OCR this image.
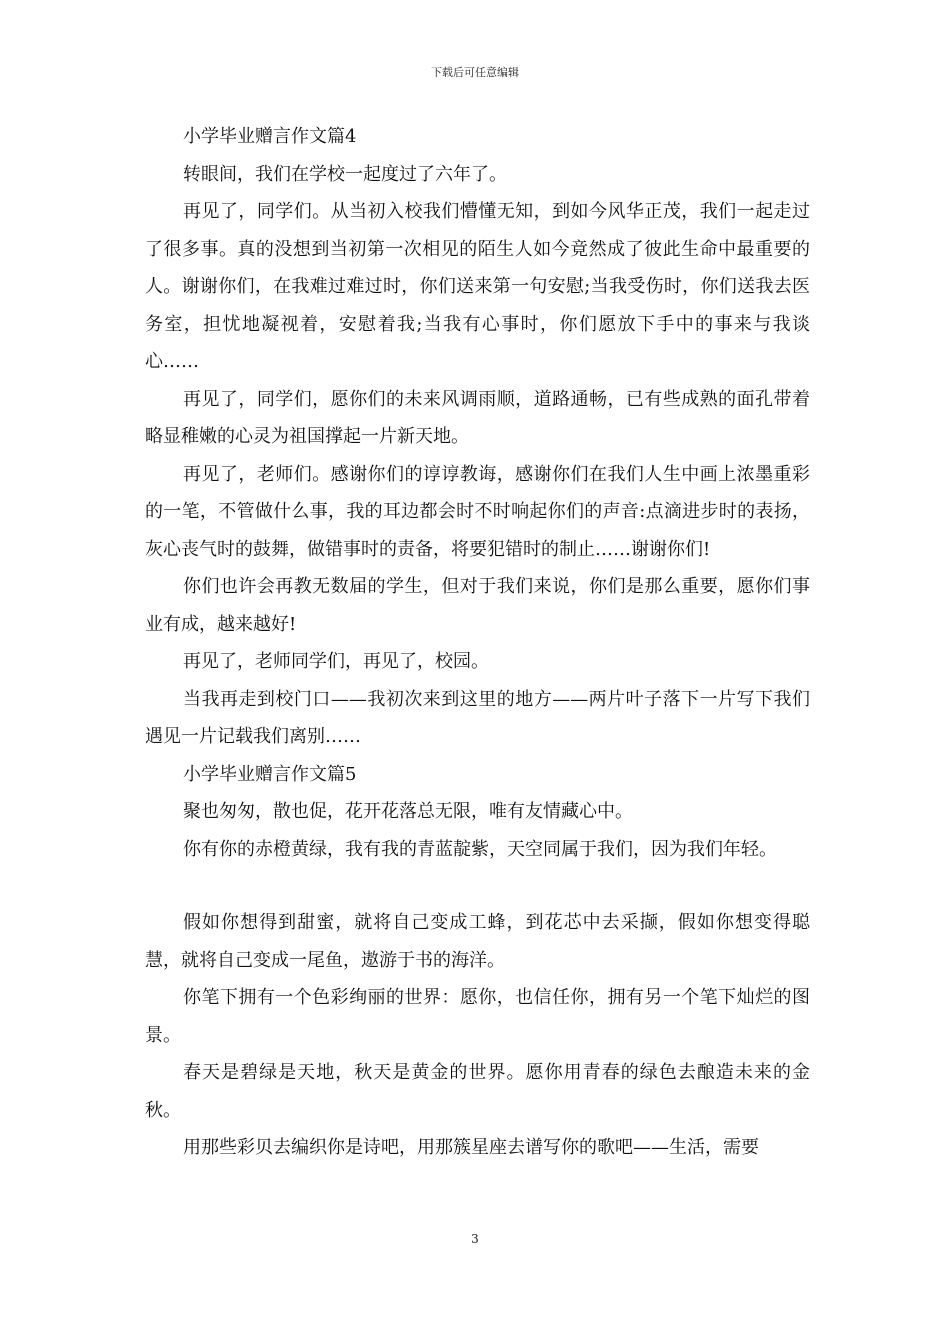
下载后可任意编辑

小学毕业赠言作文篇4

转眼间，我们在学校一起度过了六年了。

再见了，同学们。从当初入校我们懵懂无知，到如今风华正茂，我们一起走过了很多事。真的没想到当初第一次相见的陌生人如今竟然成了彼此生命中最重要的人。谢谢你们，在我难过难过时，你们送来第一句安慰;当我受伤时，你们送我去医务室，担忧地凝视着，安慰着我;当我有心事时，你们愿放下手中的事来与我谈心……

再见了，同学们，愿你们的未来风调雨顺，道路通畅，已有些成熟的面孔带着略显稚嫩的心灵为祖国撑起一片新天地。

再见了，老师们。感谢你们的谆谆教诲，感谢你们在我们人生中画上浓墨重彩的一笔，不管做什么事，我的耳边都会时不时响起你们的声音:点滴进步时的表扬，灰心丧气时的鼓舞，做错事时的责备，将要犯错时的制止……谢谢你们!

你们也许会再教无数届的学生，但对于我们来说，你们是那么重要，愿你们事业有成，越来越好!

再见了，老师同学们，再见了，校园。

当我再走到校门口——我初次来到这里的地方——两片叶子落下一片写下我们遇见一片记载我们离别……

小学毕业赠言作文篇5

聚也匆匆，散也促，花开花落总无限，唯有友情藏心中。

你有你的赤橙黄绿，我有我的青蓝靛紫，天空同属于我们，因为我们年轻。

假如你想得到甜蜜，就将自己变成工蜂，到花芯中去采撷，假如你想变得聪慧，就将自己变成一尾鱼，遨游于书的海洋。

你笔下拥有一个色彩绚丽的世界：愿你，也信任你，拥有另一个笔下灿烂的图景。

春天是碧绿是天地，秋天是黄金的世界。愿你用青春的绿色去酿造未来的金秋。

用那些彩贝去编织你是诗吧，用那簇星座去谱写你的歌吧——生活，需要

3
